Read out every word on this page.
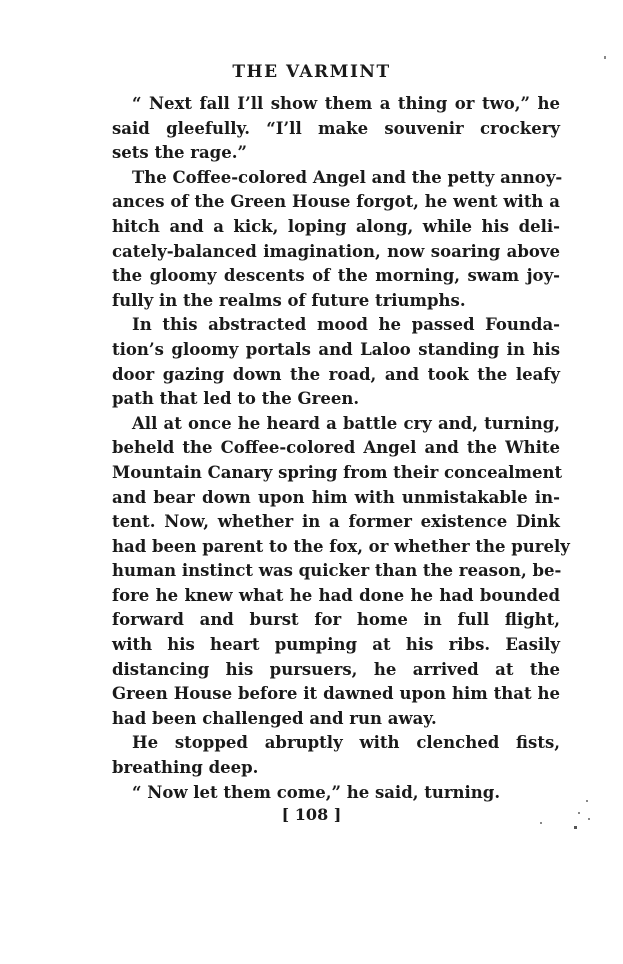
THE VARMINT

“ Next fall I’ll show them a thing or two,” he
said gleefully. “I’ll make souvenir crockery
sets the rage.”

The Coffee-colored Angel and the petty annoy-
ances of the Green House forgot, he went with a
hitch and a kick, loping along, while his deli-
cately-balanced imagination, now soaring above
the gloomy descents of the morning, swam joy-
fully in the realms of future triumphs.

In this abstracted mood he passed Founda-
tion’s gloomy portals and Laloo standing in his
door gazing down the road, and took the leafy
path that led to the Green.

All at once he heard a battle cry and, turning,
beheld the Coffee-colored Angel and the White
Mountain Canary spring from their concealment
and bear down upon him with unmistakable in-
tent. Now, whether in a former existence Dink
had been parent to the fox, or whether the purely
human instinct was quicker than the reason, be-
fore he knew what he had done he had bounded
forward and burst for home in full flight,
with his heart pumping at his ribs. Easily
distancing his pursuers, he arrived at the
Green House before it dawned upon him that he
had been challenged and run away.

He stopped abruptly with clenched fists,
breathing deep.

“ Now let them come,” he said, turning.

[ 108 ]
